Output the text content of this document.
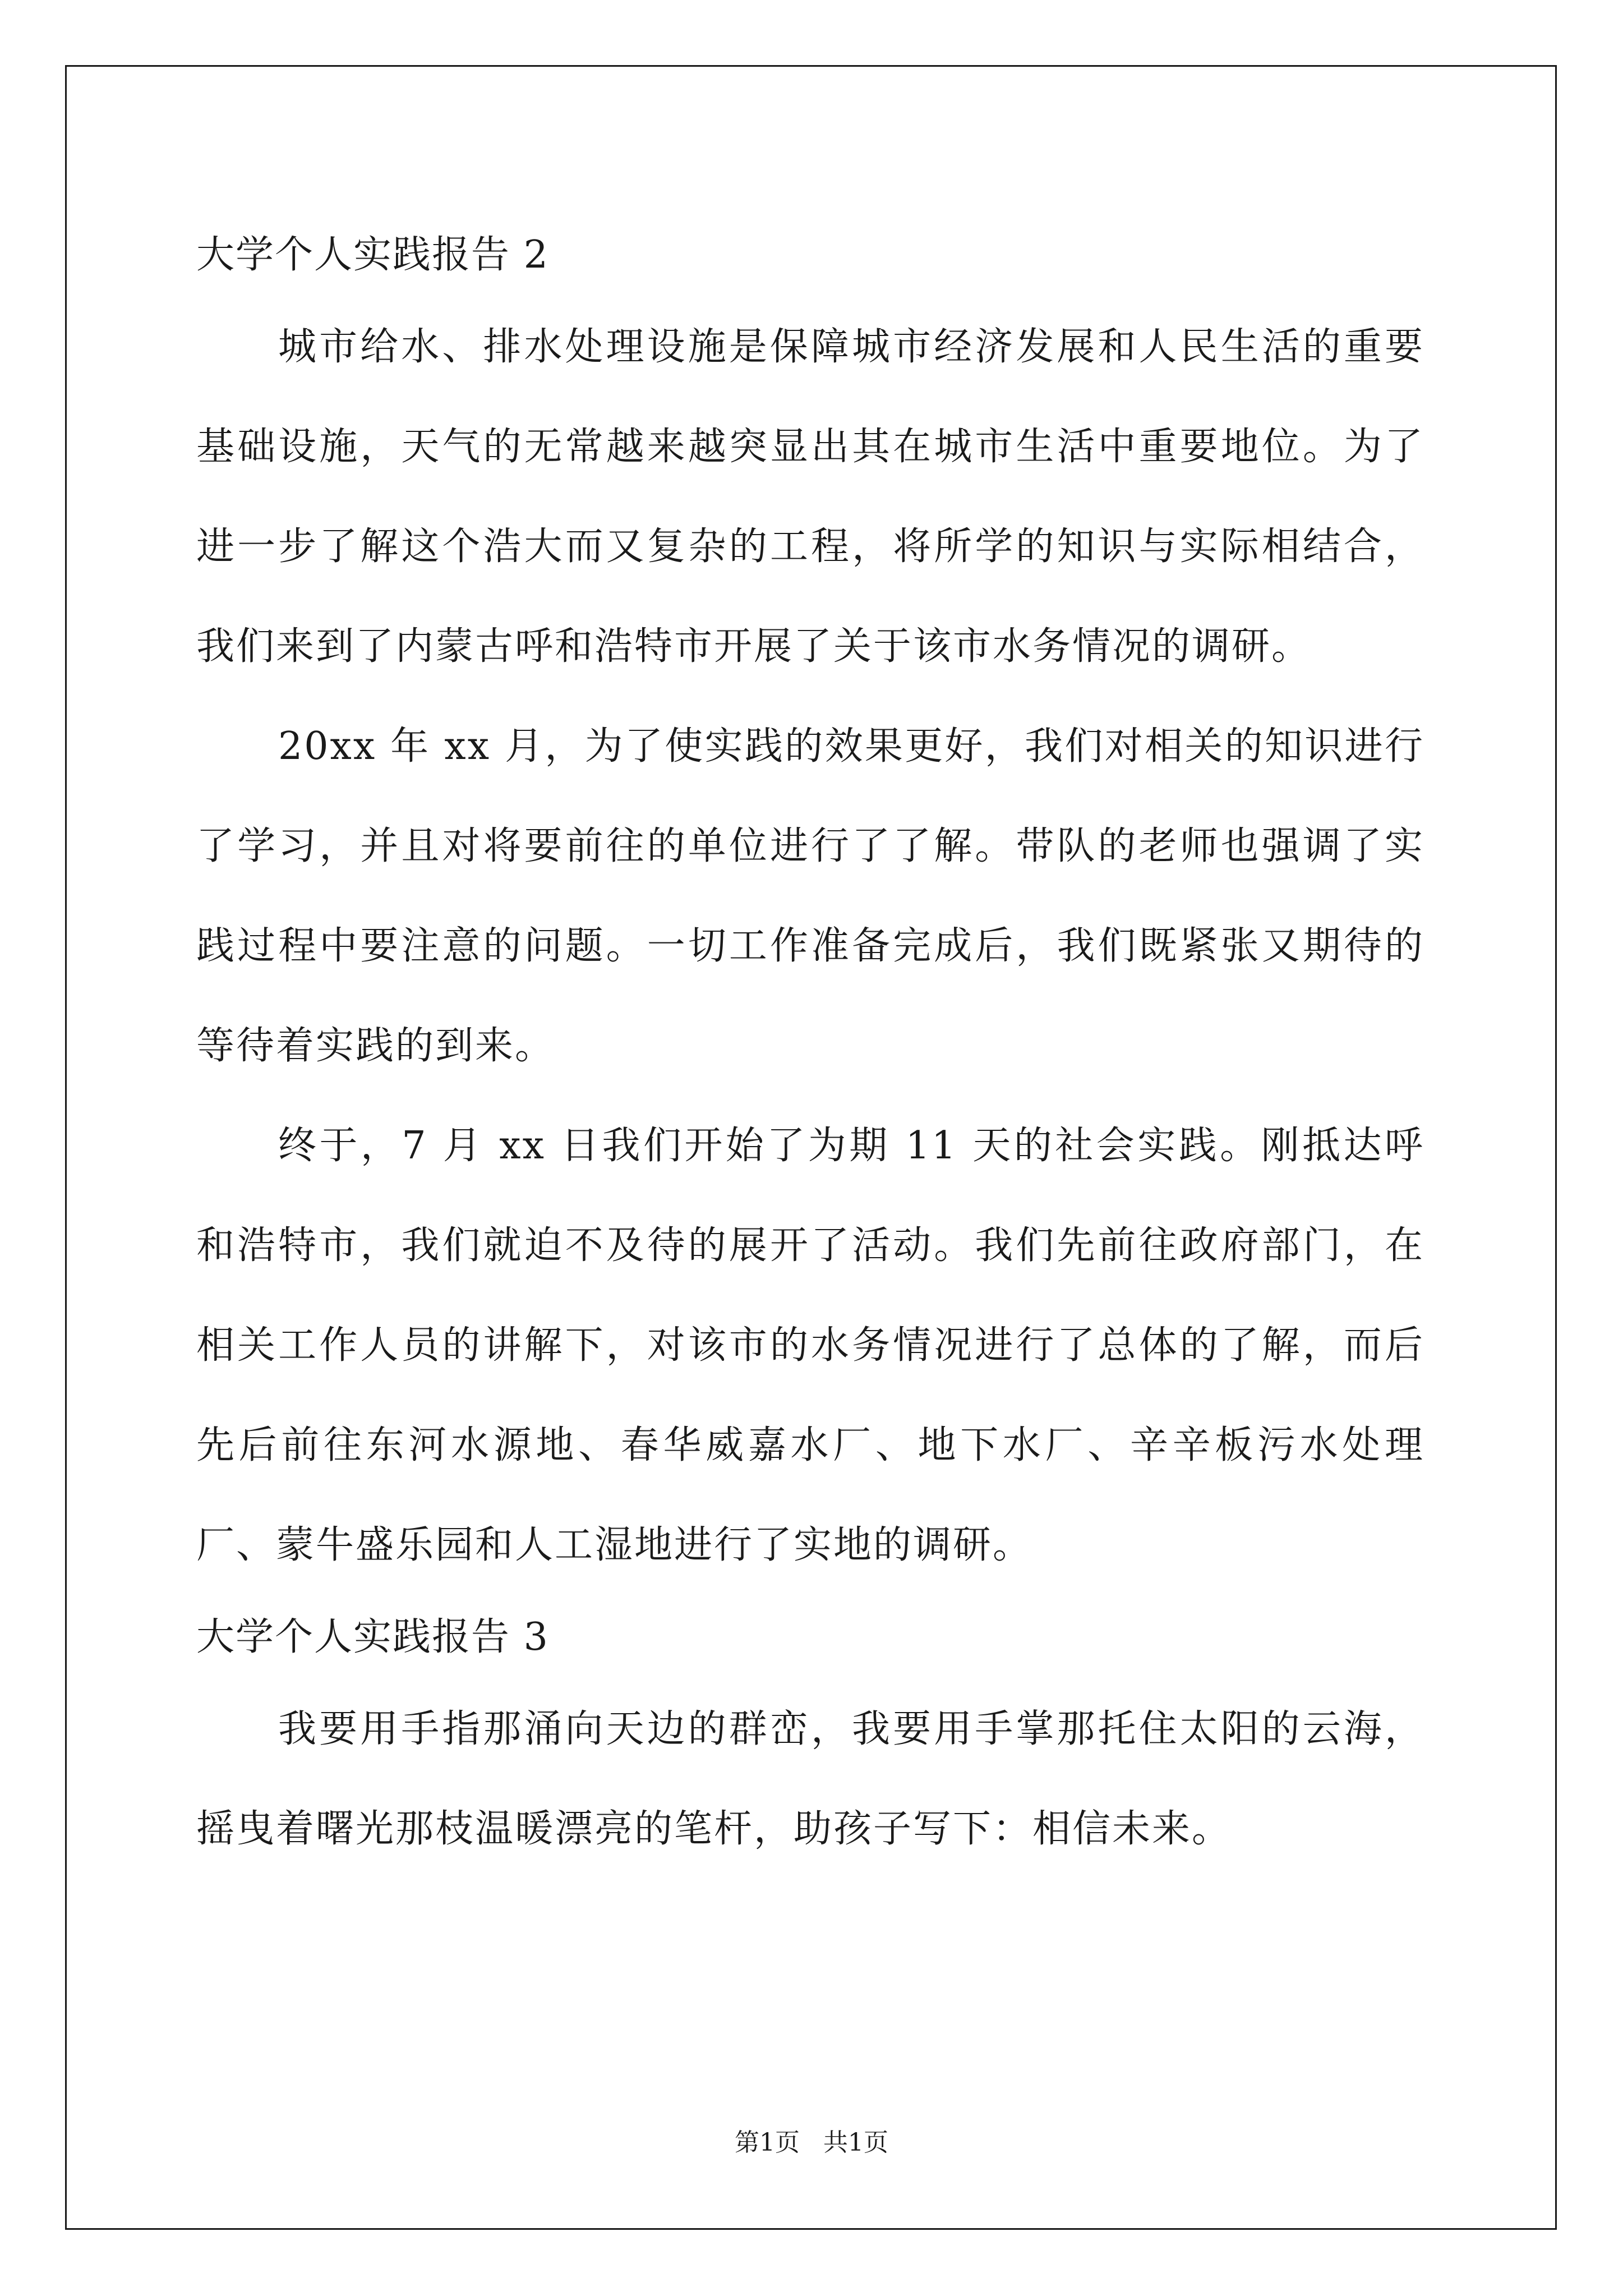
大学个人实践报告 2

城市给水、排水处理设施是保障城市经济发展和人民生活的重要基础设施，天气的无常越来越突显出其在城市生活中重要地位。为了进一步了解这个浩大而又复杂的工程，将所学的知识与实际相结合，我们来到了内蒙古呼和浩特市开展了关于该市水务情况的调研。

20xx 年 xx 月，为了使实践的效果更好，我们对相关的知识进行了学习，并且对将要前往的单位进行了了解。带队的老师也强调了实践过程中要注意的问题。一切工作准备完成后，我们既紧张又期待的等待着实践的到来。

终于，7 月 xx 日我们开始了为期 11 天的社会实践。刚抵达呼和浩特市，我们就迫不及待的展开了活动。我们先前往政府部门，在相关工作人员的讲解下，对该市的水务情况进行了总体的了解，而后先后前往东河水源地、春华威嘉水厂、地下水厂、辛辛板污水处理厂、蒙牛盛乐园和人工湿地进行了实地的调研。

大学个人实践报告 3

我要用手指那涌向天边的群峦，我要用手掌那托住太阳的云海，摇曳着曙光那枝温暖漂亮的笔杆，助孩子写下：相信未来。

第1页   共1页
